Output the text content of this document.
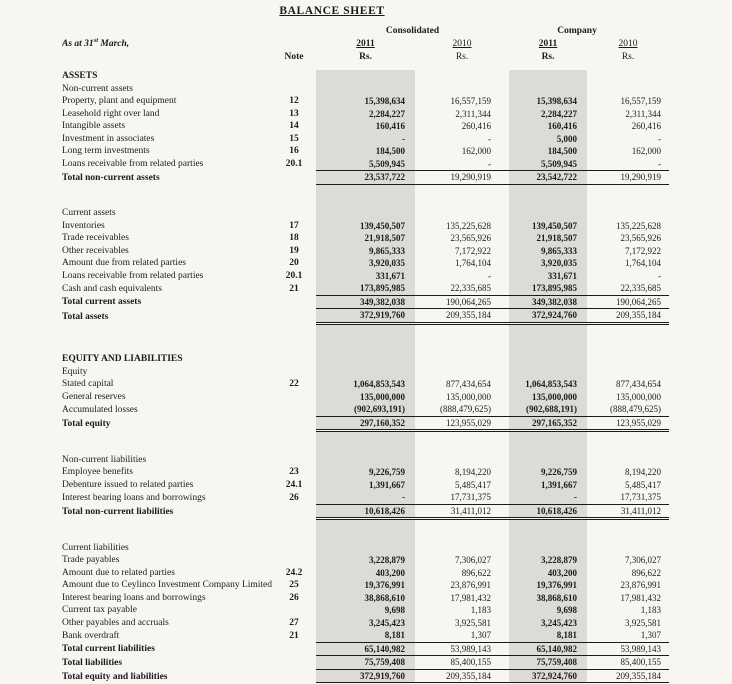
BALANCE SHEET
		Consolidated		Company	
As at 31st March,		2011	2010	2011	2010
	Note	Rs.	Rs.	Rs.	Rs.
ASSETS					
Non-current assets					
Property, plant and equipment	12	15,398,634	16,557,159	15,398,634	16,557,159
Leasehold right over land	13	2,284,227	2,311,344	2,284,227	2,311,344
Intangible assets	14	160,416	260,416	160,416	260,416
Investment in associates	15	-	-	5,000	-
Long term investments	16	184,500	162,000	184,500	162,000
Loans receivable from related parties	20.1	5,509,945	-	5,509,945	-
Total non-current assets		23,537,722	19,290,919	23,542,722	19,290,919

Current assets					
Inventories	17	139,450,507	135,225,628	139,450,507	135,225,628
Trade receivables	18	21,918,507	23,565,926	21,918,507	23,565,926
Other receivables	19	9,865,333	7,172,922	9,865,333	7,172,922
Amount due from related parties	20	3,920,035	1,764,104	3,920,035	1,764,104
Loans receivable from related parties	20.1	331,671	-	331,671	-
Cash and cash equivalents	21	173,895,985	22,335,685	173,895,985	22,335,685
Total current assets		349,382,038	190,064,265	349,382,038	190,064,265
Total assets		372,919,760	209,355,184	372,924,760	209,355,184

EQUITY AND LIABILITIES					
Equity					
Stated capital	22	1,064,853,543	877,434,654	1,064,853,543	877,434,654
General reserves		135,000,000	135,000,000	135,000,000	135,000,000
Accumulated losses		(902,693,191)	(888,479,625)	(902,688,191)	(888,479,625)
Total equity		297,160,352	123,955,029	297,165,352	123,955,029

Non-current liabilities					
Employee benefits	23	9,226,759	8,194,220	9,226,759	8,194,220
Debenture issued to related parties	24.1	1,391,667	5,485,417	1,391,667	5,485,417
Interest bearing loans and borrowings	26	-	17,731,375	-	17,731,375
Total non-current liabilities		10,618,426	31,411,012	10,618,426	31,411,012

Current liabilities					
Trade payables		3,228,879	7,306,027	3,228,879	7,306,027
Amount due to related parties	24.2	403,200	896,622	403,200	896,622
Amount due to Ceylinco Investment Company Limited	25	19,376,991	23,876,991	19,376,991	23,876,991
Interest bearing loans and borrowings	26	38,868,610	17,981,432	38,868,610	17,981,432
Current tax payable		9,698	1,183	9,698	1,183
Other payables and accruals	27	3,245,423	3,925,581	3,245,423	3,925,581
Bank overdraft	21	8,181	1,307	8,181	1,307
Total current liabilities		65,140,982	53,989,143	65,140,982	53,989,143
Total liabilities		75,759,408	85,400,155	75,759,408	85,400,155
Total equity and liabilities		372,919,760	209,355,184	372,924,760	209,355,184
